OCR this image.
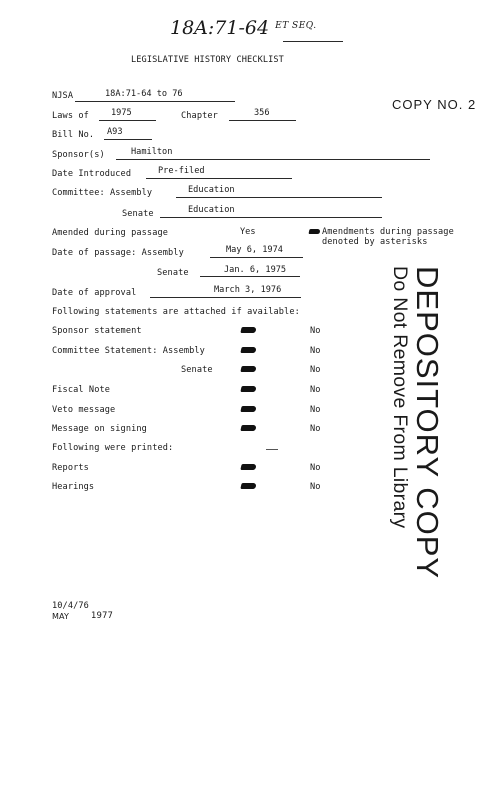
18A:71-64 $^{ET SEQ.}$
LEGISLATIVE HISTORY CHECKLIST
COPY NO. 2
NJSA	18A:71-64 to 76
Laws of	1975	Chapter	356
Bill No. A93
Sponsor(s)	Hamilton
Date Introduced	Pre-filed
Committee: Assembly	Education
Senate	Education
Amended during passage	Yes	Amendments during passage
denoted by asterisks
Date of passage: Assembly	May 6, 1974
Senate	Jan. 6, 1975
Date of approval	March 3, 1976
Following statements are attached if available:
Sponsor statement	No
Committee Statement: Assembly	No
Senate	No
Fiscal Note	No
Veto message	No
Message on signing	No
Following were printed:
Reports	No
Hearings	No	DEPOSITORY COPY
Do Not Remove From Library
10/4/76
MAY	1977
